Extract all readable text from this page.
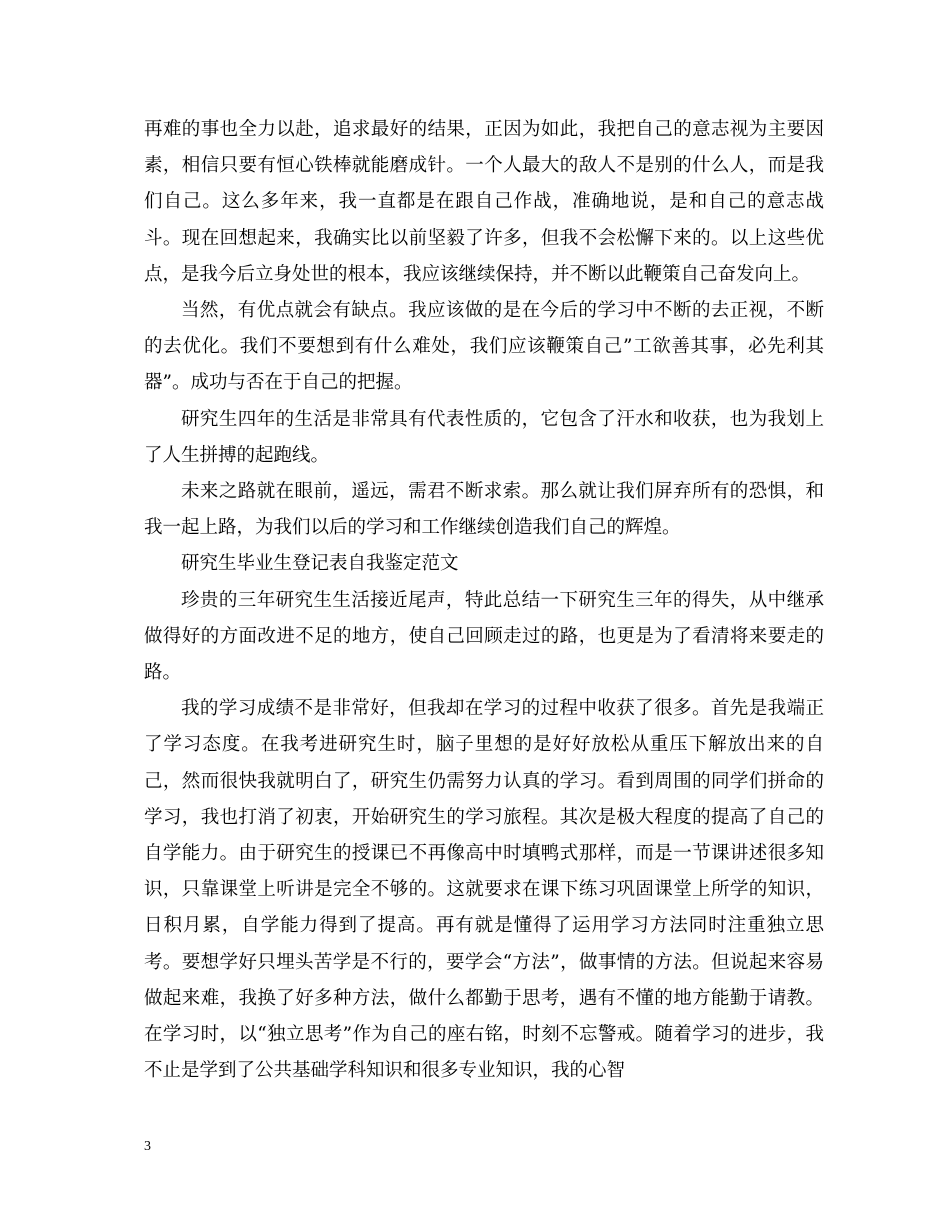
再难的事也全力以赴，追求最好的结果，正因为如此，我把自己的意志视为主要因素，相信只要有恒心铁棒就能磨成针。一个人最大的敌人不是别的什么人，而是我们自己。这么多年来，我一直都是在跟自己作战，准确地说，是和自己的意志战斗。现在回想起来，我确实比以前坚毅了许多，但我不会松懈下来的。以上这些优点，是我今后立身处世的根本，我应该继续保持，并不断以此鞭策自己奋发向上。

当然，有优点就会有缺点。我应该做的是在今后的学习中不断的去正视，不断的去优化。我们不要想到有什么难处，我们应该鞭策自己”工欲善其事，必先利其器”。成功与否在于自己的把握。

研究生四年的生活是非常具有代表性质的，它包含了汗水和收获，也为我划上了人生拼搏的起跑线。

未来之路就在眼前，遥远，需君不断求索。那么就让我们屏弃所有的恐惧，和我一起上路，为我们以后的学习和工作继续创造我们自己的辉煌。

研究生毕业生登记表自我鉴定范文

珍贵的三年研究生生活接近尾声，特此总结一下研究生三年的得失，从中继承做得好的方面改进不足的地方，使自己回顾走过的路，也更是为了看清将来要走的路。

我的学习成绩不是非常好，但我却在学习的过程中收获了很多。首先是我端正了学习态度。在我考进研究生时，脑子里想的是好好放松从重压下解放出来的自己，然而很快我就明白了，研究生仍需努力认真的学习。看到周围的同学们拼命的学习，我也打消了初衷，开始研究生的学习旅程。其次是极大程度的提高了自己的自学能力。由于研究生的授课已不再像高中时填鸭式那样，而是一节课讲述很多知识，只靠课堂上听讲是完全不够的。这就要求在课下练习巩固课堂上所学的知识，日积月累，自学能力得到了提高。再有就是懂得了运用学习方法同时注重独立思考。要想学好只埋头苦学是不行的，要学会“方法”，做事情的方法。但说起来容易做起来难，我换了好多种方法，做什么都勤于思考，遇有不懂的地方能勤于请教。在学习时，以“独立思考”作为自己的座右铭，时刻不忘警戒。随着学习的进步，我不止是学到了公共基础学科知识和很多专业知识，我的心智

3
